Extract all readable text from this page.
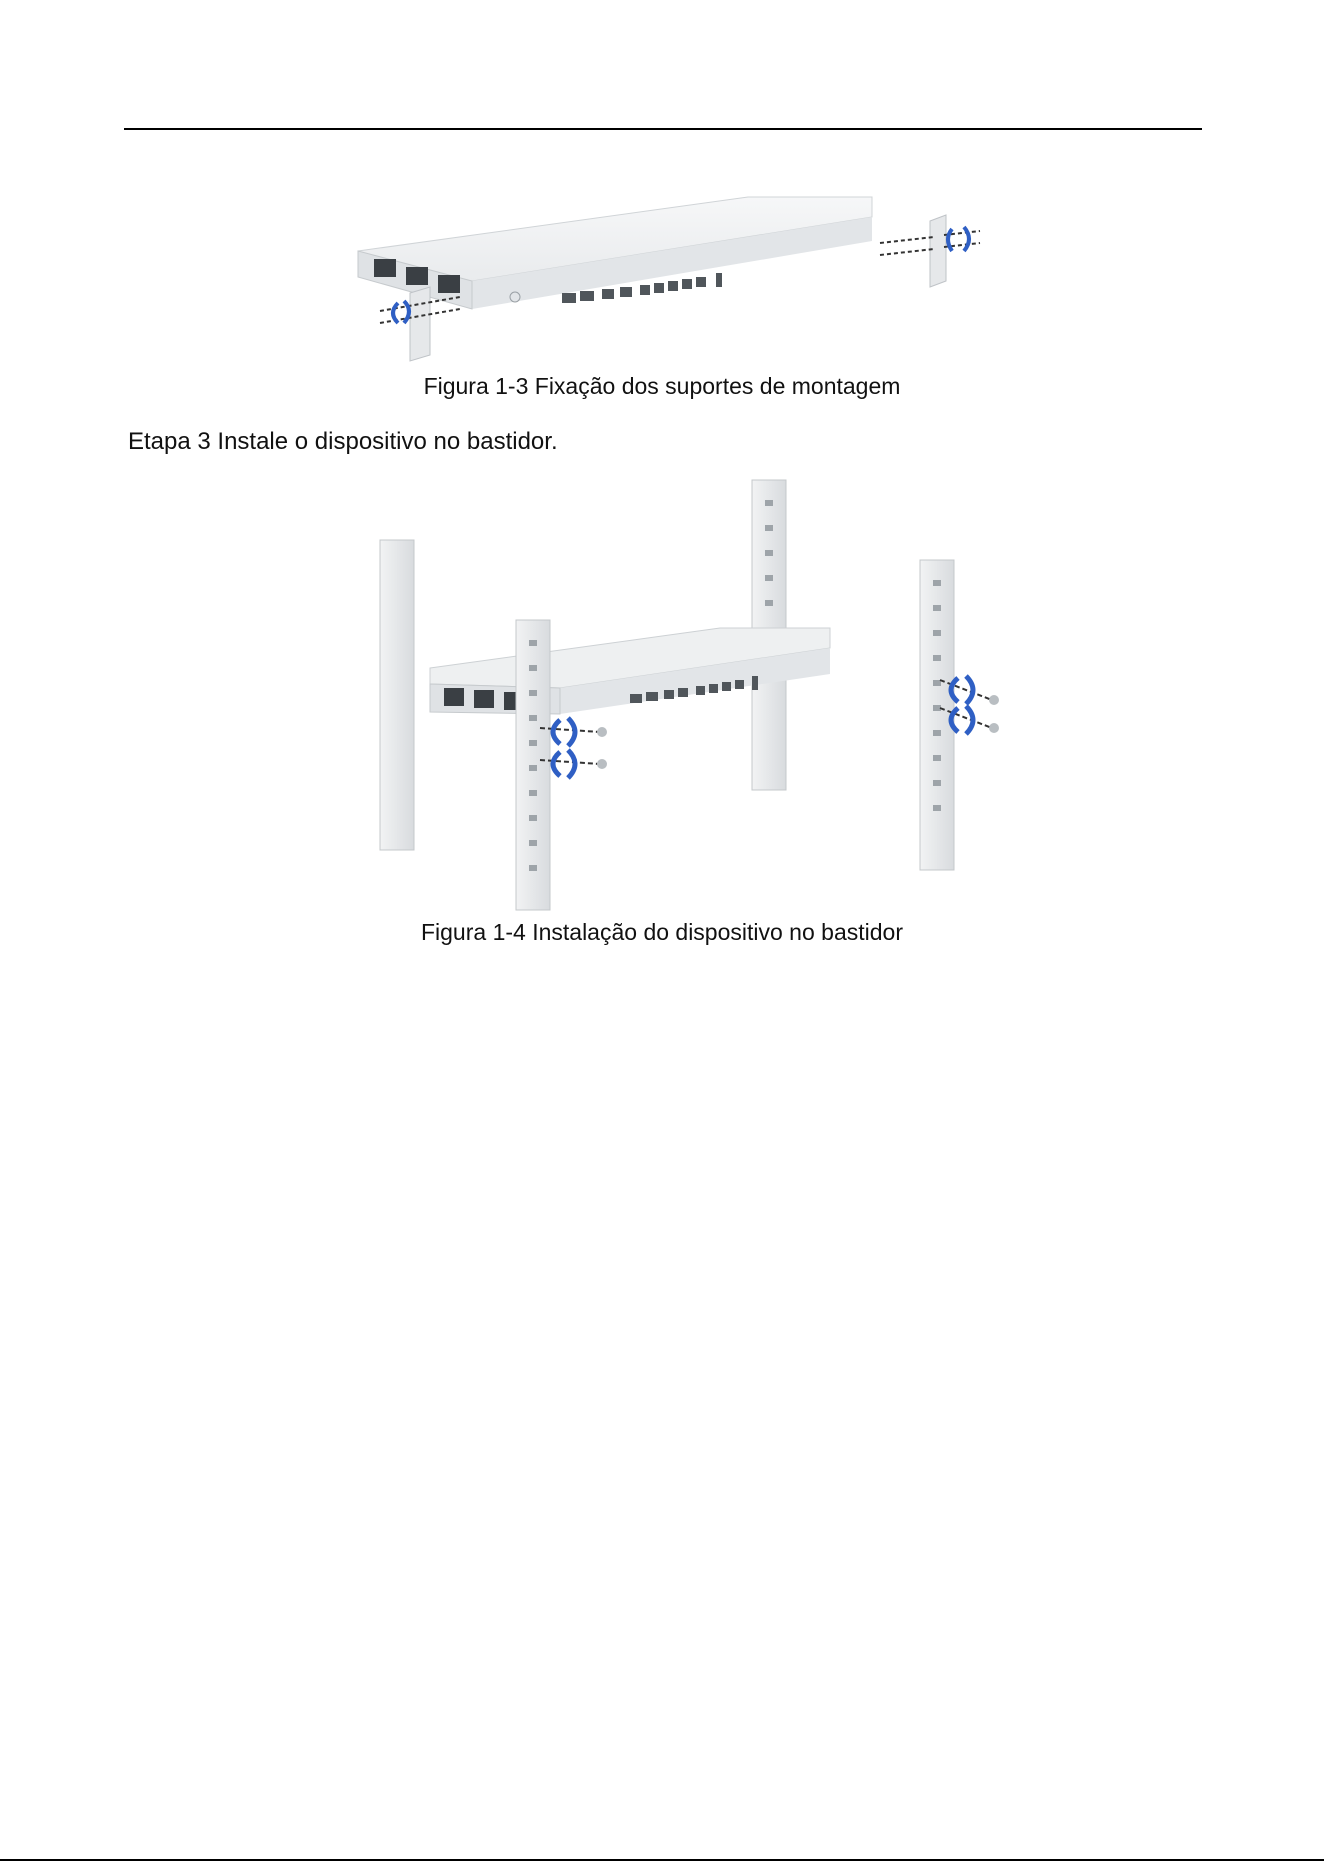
Figura 1-3 Fixação dos suportes de montagem
Etapa 3 Instale o dispositivo no bastidor.
Figura 1-4 Instalação do dispositivo no bastidor
